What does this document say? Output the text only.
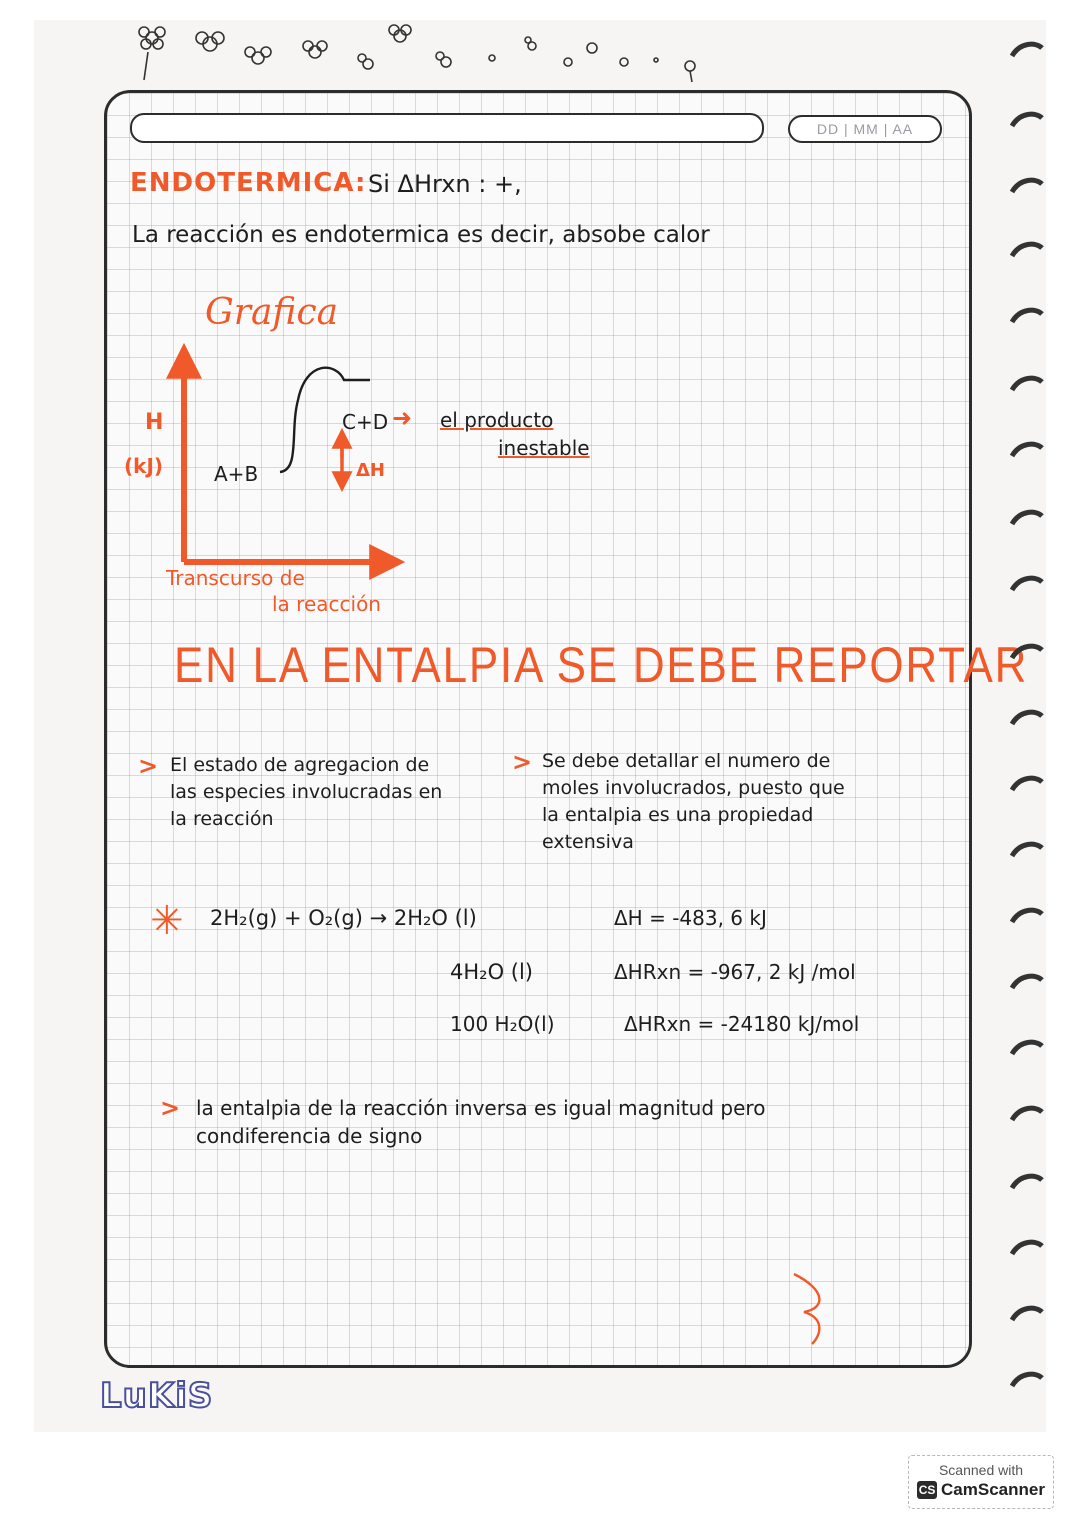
DD | MM | AA
ENDOTERMICA: Si ΔHrxn : +,
La reacción es endotermica es decir, absobe calor
Grafica
H
(kJ)	A+B
C+D
ΔH
➜ el producto
inestable
Transcurso de
la reacción
EN LA ENTALPIA SE DEBE REPORTAR
> El estado de agregacion de
las especies involucradas en
la reacción
> Se debe detallar el numero de
moles involucrados, puesto que
la entalpia es una propiedad
extensiva
✳ 2H₂(g) + O₂(g) → 2H₂O (l)	ΔH = -483, 6 kJ
4H₂O (l)	ΔHRxn = -967, 2 kJ /mol
100 H₂O(l)	ΔHRxn = -24180 kJ/mol
> la entalpia de la reacción inversa es igual magnitud pero
condiferencia de signo
LuKiS
Scanned with
CS CamScanner
